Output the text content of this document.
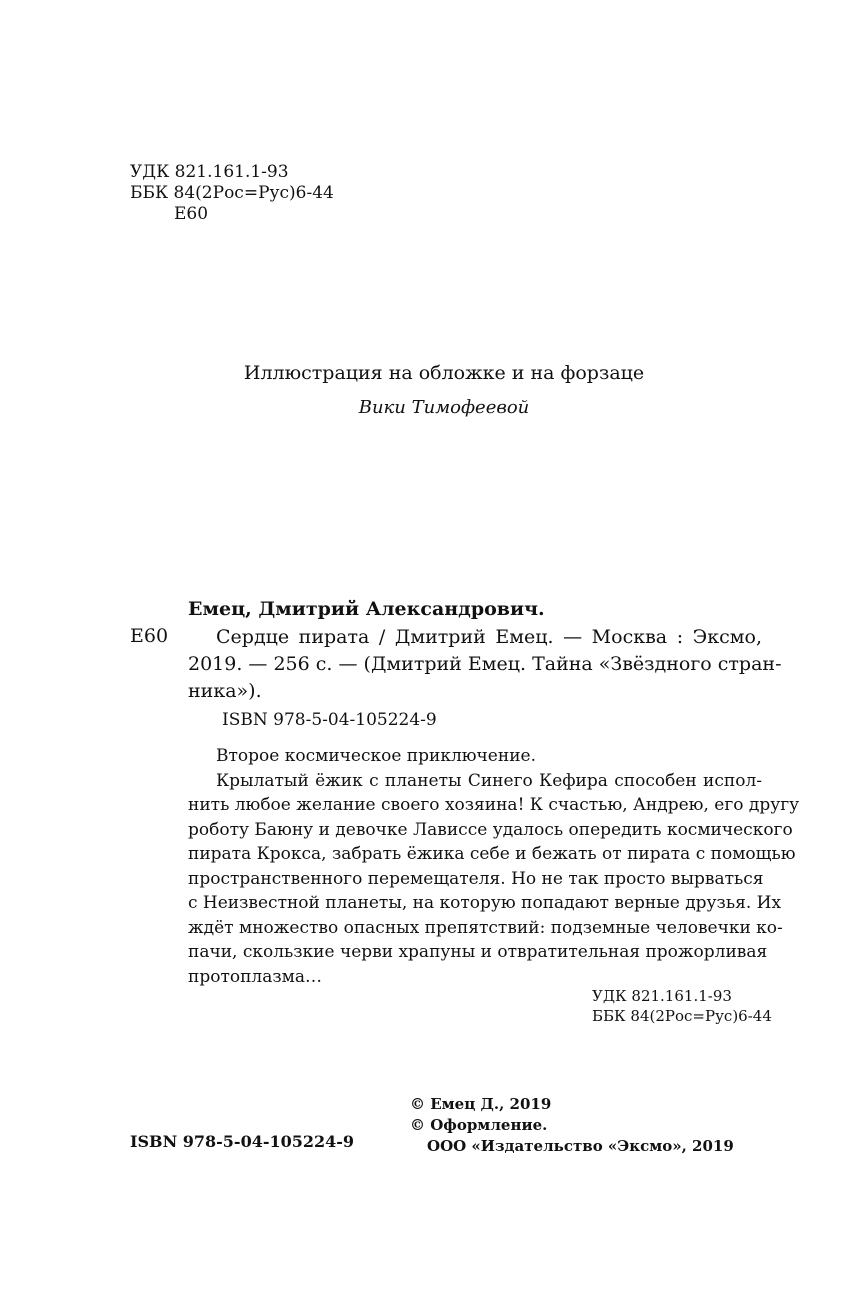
УДК 821.161.1-93
ББК 84(2Рос=Рус)6-44
Е60
Иллюстрация на обложке и на форзаце
Вики Тимофеевой
Емец, Дмитрий Александрович.
Е60	Сердце пирата / Дмитрий Емец. — Москва : Эксмо,
2019. — 256 с. — (Дмитрий Емец. Тайна «Звёздного стран-
ника»).
ISBN 978-5-04-105224-9
Второе космическое приключение.
Крылатый ёжик с планеты Синего Кефира способен испол-
нить любое желание своего хозяина! К счастью, Андрею, его другу
роботу Баюну и девочке Лависсе удалось опередить космического
пирата Крокса, забрать ёжика себе и бежать от пирата с помощью
пространственного перемещателя. Но не так просто вырваться
с Неизвестной планеты, на которую попадают верные друзья. Их
ждёт множество опасных препятствий: подземные человечки ко-
пачи, скользкие черви храпуны и отвратительная прожорливая
протоплазма…
УДК 821.161.1-93
ББК 84(2Рос=Рус)6-44
© Емец Д., 2019
© Оформление.
ООО «Издательство «Эксмо», 2019
ISBN 978-5-04-105224-9
